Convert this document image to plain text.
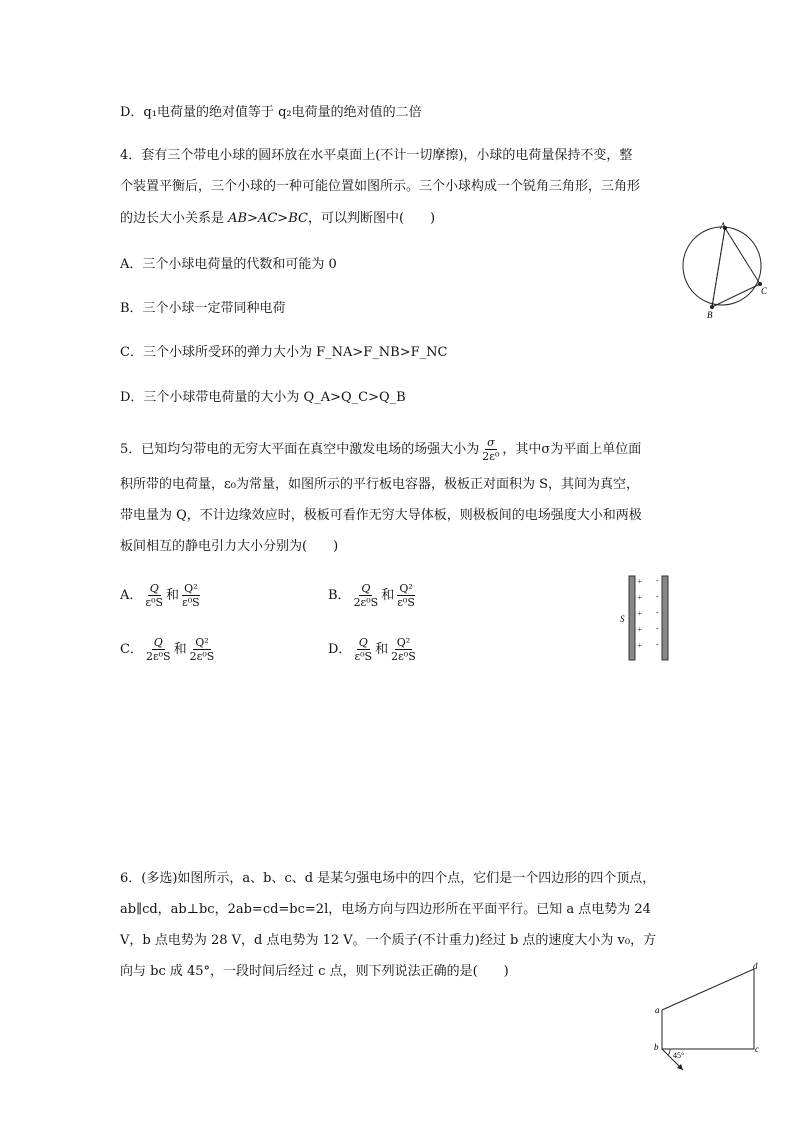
D．q₁电荷量的绝对值等于 q₂电荷量的绝对值的二倍
4．套有三个带电小球的圆环放在水平桌面上(不计一切摩擦)，小球的电荷量保持不变，整
个装置平衡后，三个小球的一种可能位置如图所示。三个小球构成一个锐角三角形，三角形
的边长大小关系是 AB>AC>BC，可以判断图中(　　)
A．三个小球电荷量的代数和可能为 0
B．三个小球一定带同种电荷
C．三个小球所受环的弹力大小为 F_NA>F_NB>F_NC
D．三个小球带电荷量的大小为 Q_A>Q_C>Q_B
A
B
C
5．已知均匀带电的无穷大平面在真空中激发电场的场强大小为 $\frac{\sigma}{\text{2ε⁰}}$ ，其中σ为平面上单位面
积所带的电荷量，ε₀为常量，如图所示的平行板电容器，极板正对面积为 S，其间为真空，
带电量为 Q，不计边缘效应时，极板可看作无穷大导体板，则极板间的电场强度大小和两极
板间相互的静电引力大小分别为(　　)
A． $\frac{Q}{\text{ε⁰S}}$ 和 $\frac{\text{Q²}}{\text{ε⁰S}}$	B． $\frac{Q}{\text{2ε⁰S}}$ 和 $\frac{\text{Q²}}{\text{ε⁰S}}$
C． $\frac{Q}{\text{2ε⁰S}}$ 和 $\frac{\text{Q²}}{\text{2ε⁰S}}$	D． $\frac{Q}{\text{ε⁰S}}$ 和 $\frac{\text{Q²}}{\text{2ε⁰S}}$
+
+
+
+
+
-
-
-
-
-
S
6．(多选)如图所示，a、b、c、d 是某匀强电场中的四个点，它们是一个四边形的四个顶点，
ab∥cd，ab⊥bc，2ab=cd=bc=2l，电场方向与四边形所在平面平行。已知 a 点电势为 24
V，b 点电势为 28 V，d 点电势为 12 V。一个质子(不计重力)经过 b 点的速度大小为 v₀，方
向与 bc 成 45°，一段时间后经过 c 点，则下列说法正确的是(　　)
a
b	c
d
45°
